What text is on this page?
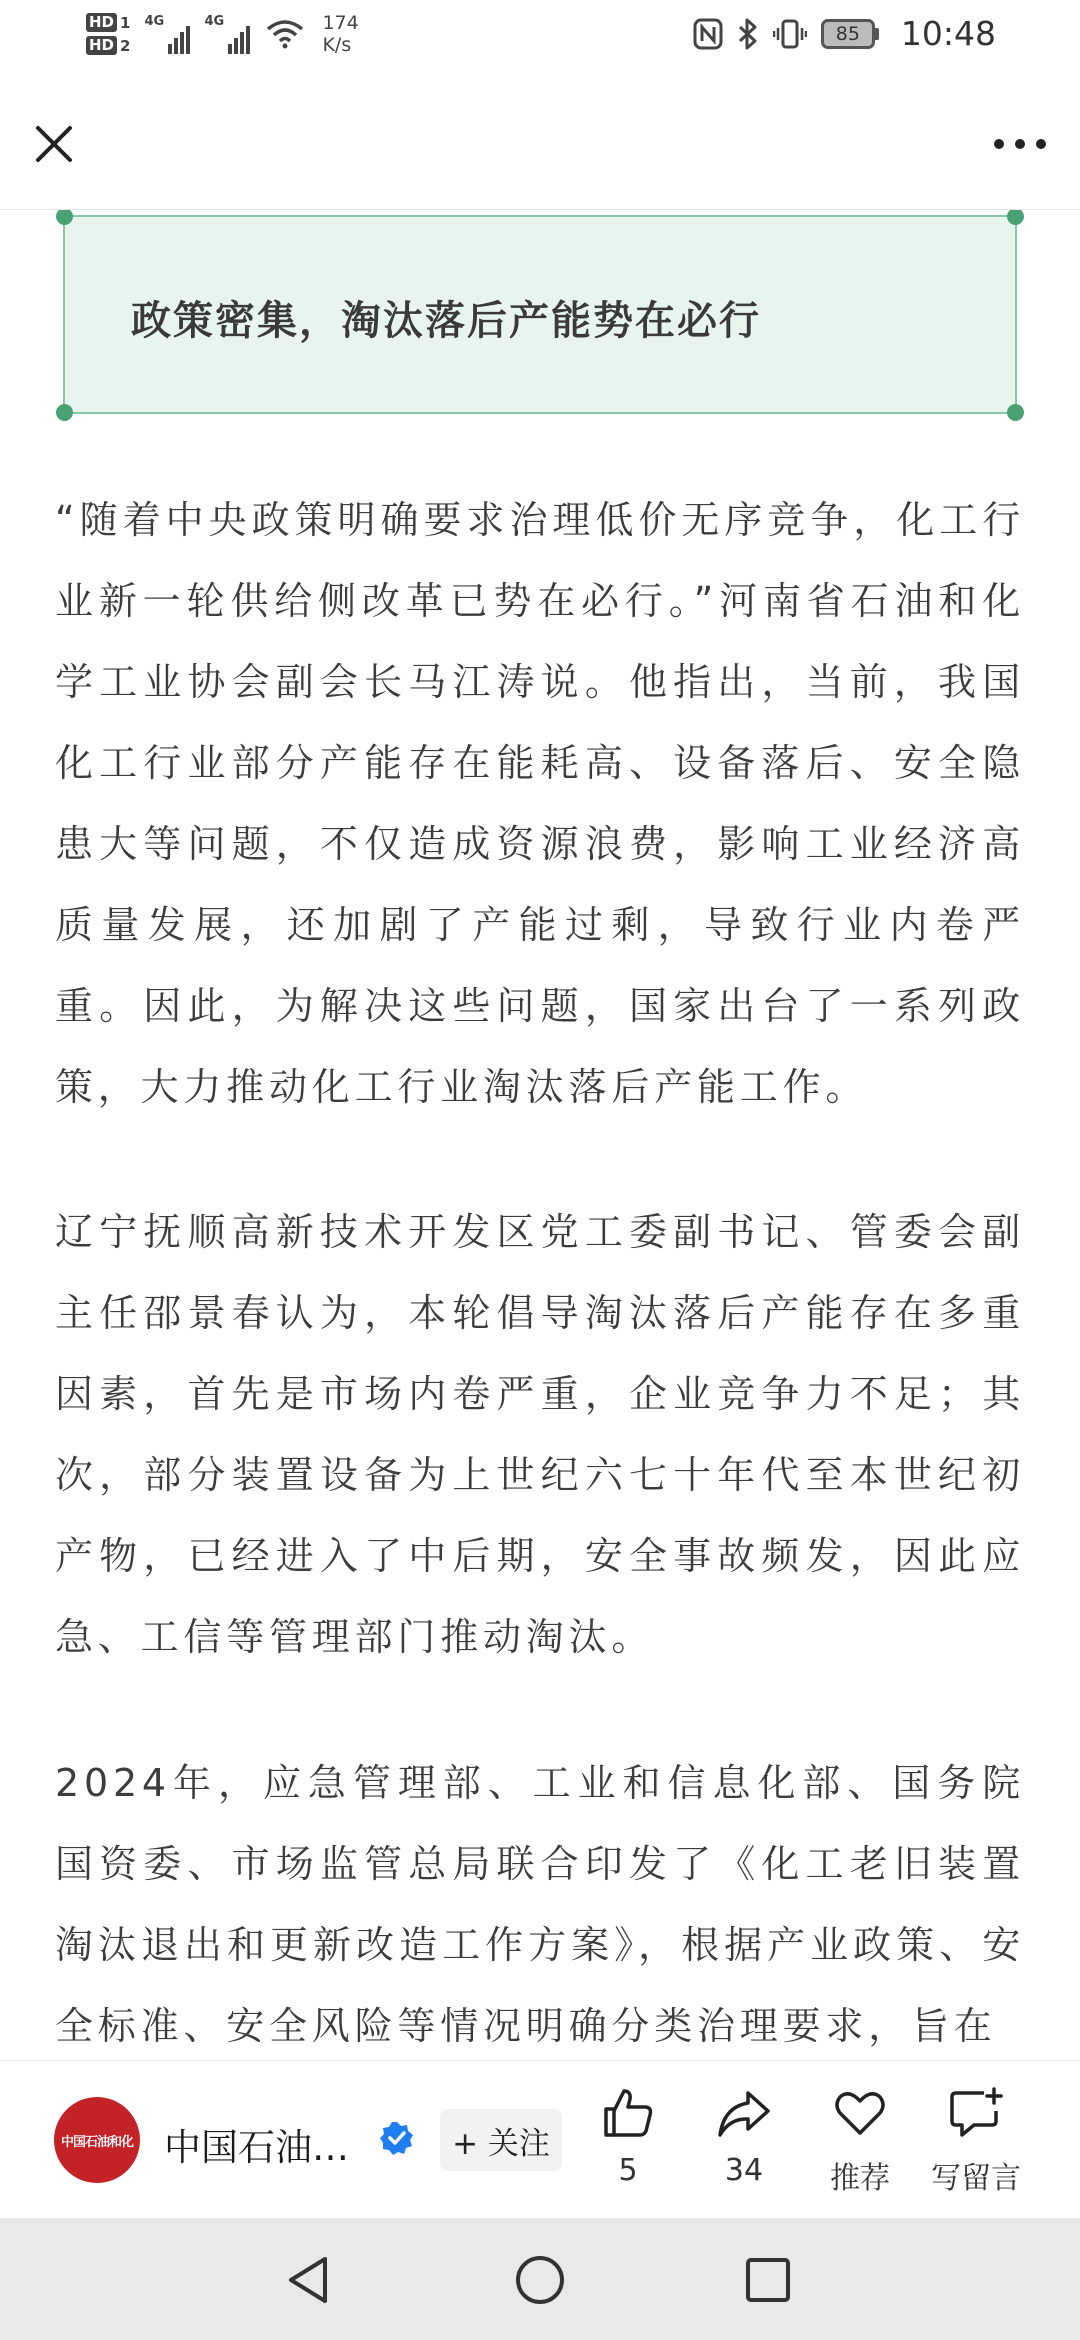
HD 1
HD 2
4G	4G	174
K/s
85	10:48
政策密集，淘汰落后产能势在必行

“随着中央政策明确要求治理低价无序竞争，化工行业新一轮供给侧改革已势在必行。”河南省石油和化学工业协会副会长马江涛说。他指出，当前，我国化工行业部分产能存在能耗高、设备落后、安全隐患大等问题，不仅造成资源浪费，影响工业经济高质量发展，还加剧了产能过剩，导致行业内卷严重。因此，为解决这些问题，国家出台了一系列政策，大力推动化工行业淘汰落后产能工作。

辽宁抚顺高新技术开发区党工委副书记、管委会副主任邵景春认为，本轮倡导淘汰落后产能存在多重因素，首先是市场内卷严重，企业竞争力不足；其次，部分装置设备为上世纪六七十年代至本世纪初产物，已经进入了中后期，安全事故频发，因此应急、工信等管理部门推动淘汰。

2024年，应急管理部、工业和信息化部、国务院国资委、市场监管总局联合印发了《化工老旧装置淘汰退出和更新改造工作方案》，根据产业政策、安全标准、安全风险等情况明确分类治理要求，旨在

中国石油和化 中国石油…	+ 关注
5	34 推荐 写留言
